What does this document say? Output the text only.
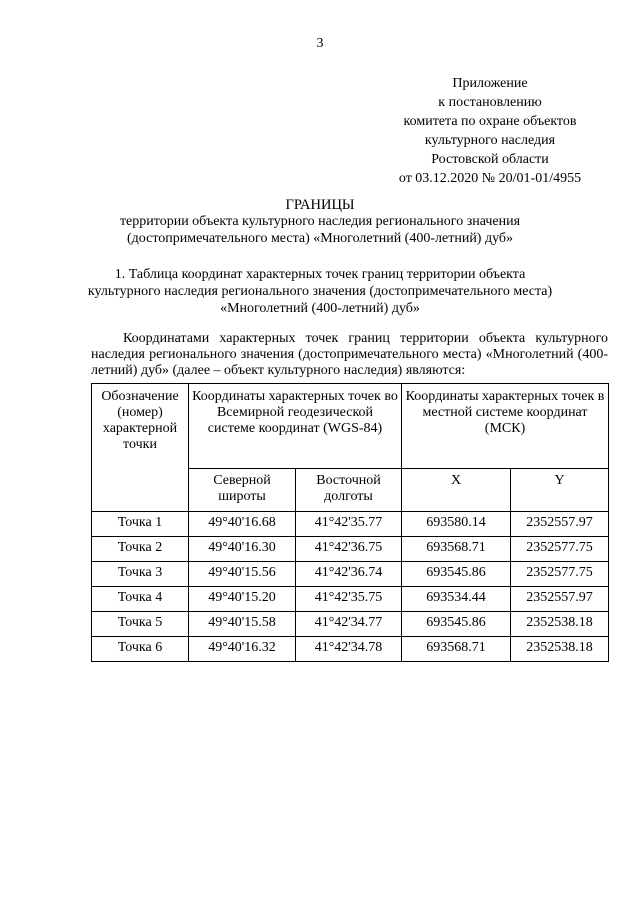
3
Приложение
к постановлению
комитета по охране объектов
культурного наследия
Ростовской области
от 03.12.2020 № 20/01-01/4955
ГРАНИЦЫ
территории объекта культурного наследия регионального значения
(достопримечательного места) «Многолетний (400-летний) дуб»
1. Таблица координат характерных точек границ территории объекта
культурного наследия регионального значения (достопримечательного места)
«Многолетний (400-летний) дуб»

Координатами характерных точек границ территории объекта культурного наследия регионального значения (достопримечательного места) «Многолетний (400-летний) дуб» (далее – объект культурного наследия) являются:

Обозначение (номер) характерной точки	Координаты характерных точек во Всемирной геодезической системе координат (WGS-84)		Координаты характерных точек в местной системе координат (МСК)	
	Северной широты	Восточной долготы	X	Y
Точка 1	49°40'16.68	41°42'35.77	693580.14	2352557.97
Точка 2	49°40'16.30	41°42'36.75	693568.71	2352577.75
Точка 3	49°40'15.56	41°42'36.74	693545.86	2352577.75
Точка 4	49°40'15.20	41°42'35.75	693534.44	2352557.97
Точка 5	49°40'15.58	41°42'34.77	693545.86	2352538.18
Точка 6	49°40'16.32	41°42'34.78	693568.71	2352538.18
